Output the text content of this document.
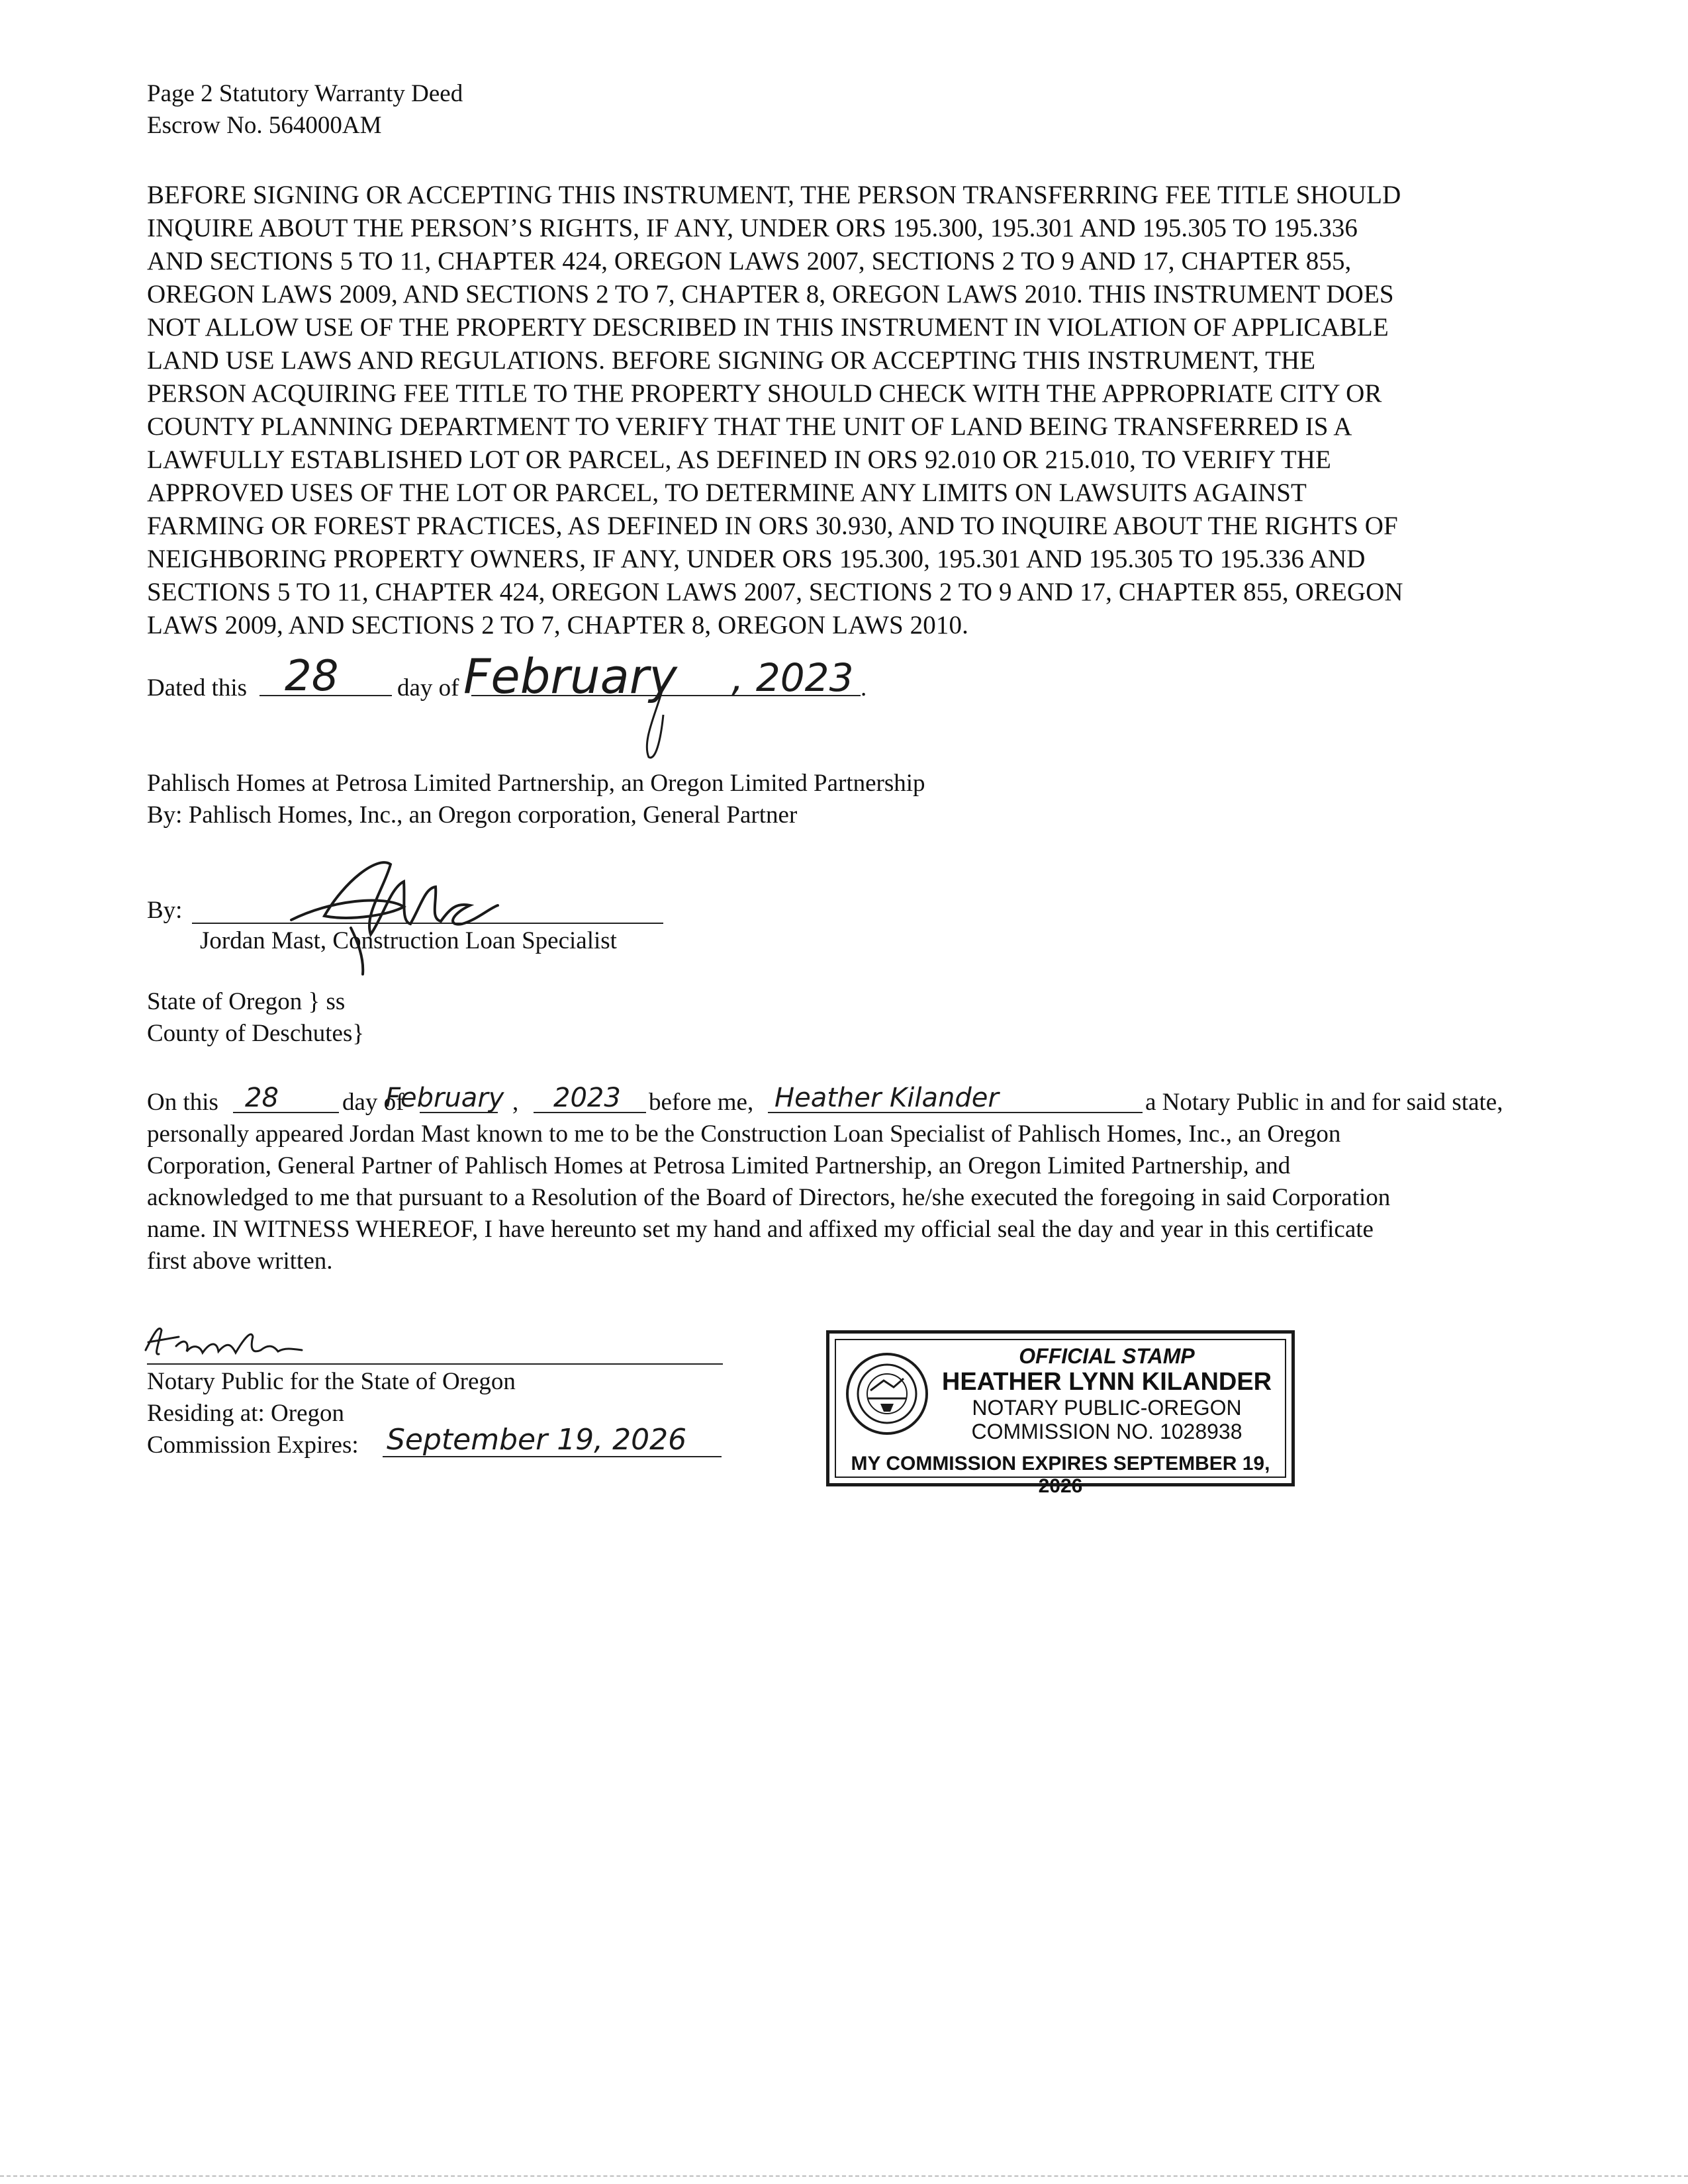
Page 2 Statutory Warranty Deed
Escrow No. 564000AM
BEFORE SIGNING OR ACCEPTING THIS INSTRUMENT, THE PERSON TRANSFERRING FEE TITLE SHOULD
INQUIRE ABOUT THE PERSON’S RIGHTS, IF ANY, UNDER ORS 195.300, 195.301 AND 195.305 TO 195.336
AND SECTIONS 5 TO 11, CHAPTER 424, OREGON LAWS 2007, SECTIONS 2 TO 9 AND 17, CHAPTER 855,
OREGON LAWS 2009, AND SECTIONS 2 TO 7, CHAPTER 8, OREGON LAWS 2010. THIS INSTRUMENT DOES
NOT ALLOW USE OF THE PROPERTY DESCRIBED IN THIS INSTRUMENT IN VIOLATION OF APPLICABLE
LAND USE LAWS AND REGULATIONS. BEFORE SIGNING OR ACCEPTING THIS INSTRUMENT, THE
PERSON ACQUIRING FEE TITLE TO THE PROPERTY SHOULD CHECK WITH THE APPROPRIATE CITY OR
COUNTY PLANNING DEPARTMENT TO VERIFY THAT THE UNIT OF LAND BEING TRANSFERRED IS A
LAWFULLY ESTABLISHED LOT OR PARCEL, AS DEFINED IN ORS 92.010 OR 215.010, TO VERIFY THE
APPROVED USES OF THE LOT OR PARCEL, TO DETERMINE ANY LIMITS ON LAWSUITS AGAINST
FARMING OR FOREST PRACTICES, AS DEFINED IN ORS 30.930, AND TO INQUIRE ABOUT THE RIGHTS OF
NEIGHBORING PROPERTY OWNERS, IF ANY, UNDER ORS 195.300, 195.301 AND 195.305 TO 195.336 AND
SECTIONS 5 TO 11, CHAPTER 424, OREGON LAWS 2007, SECTIONS 2 TO 9 AND 17, CHAPTER 855, OREGON
LAWS 2009, AND SECTIONS 2 TO 7, CHAPTER 8, OREGON LAWS 2010.
Dated this 28 day of February , 2023 .
Pahlisch Homes at Petrosa Limited Partnership, an Oregon Limited Partnership
By: Pahlisch Homes, Inc., an Oregon corporation, General Partner
By:
Jordan Mast, Construction Loan Specialist
State of Oregon } ss
County of Deschutes}
On this 28	day of
February , 2023 before me, Heather Kilander	a Notary Public in and for said state,
personally appeared Jordan Mast known to me to be the Construction Loan Specialist of Pahlisch Homes, Inc., an Oregon
Corporation, General Partner of Pahlisch Homes at Petrosa Limited Partnership, an Oregon Limited Partnership, and
acknowledged to me that pursuant to a Resolution of the Board of Directors, he/she executed the foregoing in said Corporation
name. IN WITNESS WHEREOF, I have hereunto set my hand and affixed my official seal the day and year in this certificate
first above written.
Notary Public for the State of Oregon
Residing at: Oregon
Commission Expires: September 19, 2026
OFFICIAL STAMP
HEATHER LYNN KILANDER
NOTARY PUBLIC-OREGON
COMMISSION NO. 1028938
MY COMMISSION EXPIRES SEPTEMBER 19, 2026
